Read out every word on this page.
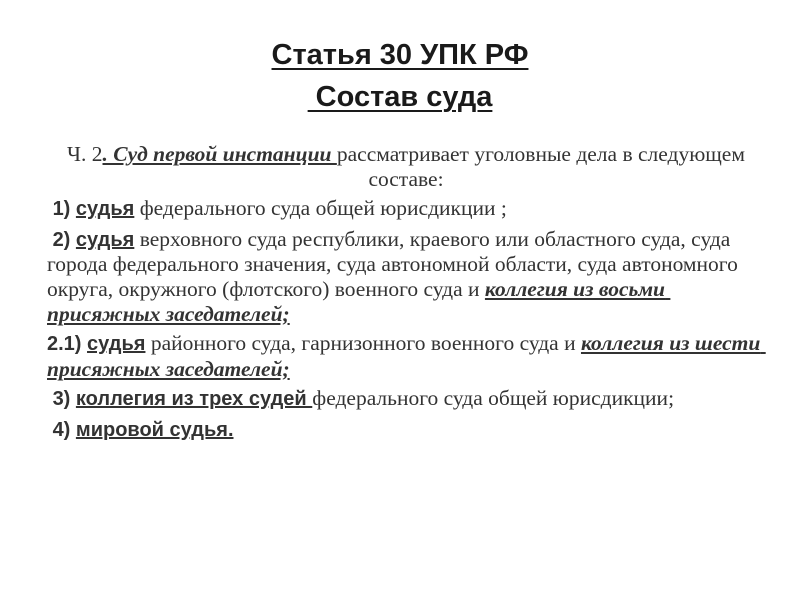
Статья 30 УПК РФ
Состав суда
Ч. 2. Суд первой инстанции рассматривает уголовные дела в следующем составе:
1) судья федерального суда общей юрисдикции ;
2) судья верховного суда республики, краевого или областного суда, суда города федерального значения, суда автономной области, суда автономного округа, окружного (флотского) военного суда и коллегия из восьми присяжных заседателей;
2.1) судья районного суда, гарнизонного военного суда и коллегия из шести присяжных заседателей;
3) коллегия из трех судей федерального суда общей юрисдикции;
4) мировой судья.
